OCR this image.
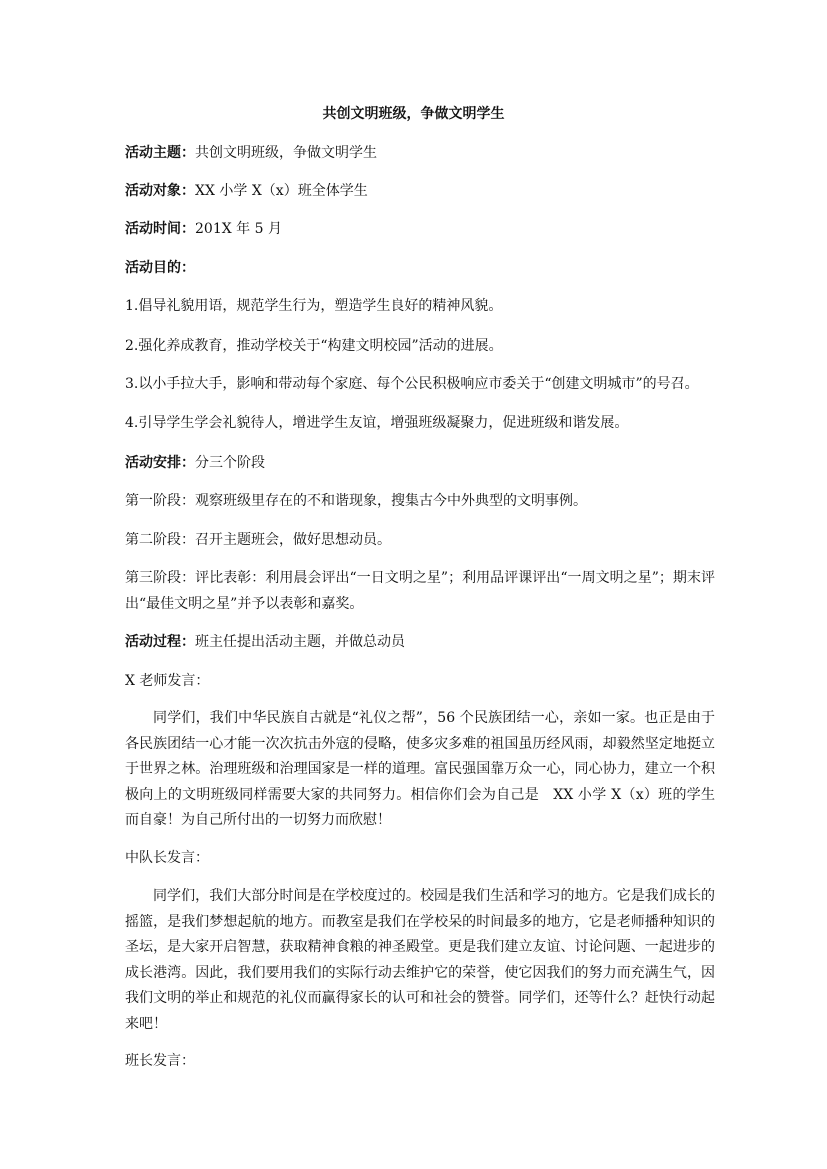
共创文明班级，争做文明学生
活动主题：共创文明班级，争做文明学生
活动对象：XX 小学 X（x）班全体学生
活动时间：201X 年 5 月
活动目的：
1.倡导礼貌用语，规范学生行为，塑造学生良好的精神风貌。
2.强化养成教育，推动学校关于“构建文明校园”活动的进展。
3.以小手拉大手，影响和带动每个家庭、每个公民积极响应市委关于“创建文明城市”的号召。
4.引导学生学会礼貌待人，增进学生友谊，增强班级凝聚力，促进班级和谐发展。
活动安排：分三个阶段
第一阶段：观察班级里存在的不和谐现象，搜集古今中外典型的文明事例。
第二阶段：召开主题班会，做好思想动员。
第三阶段：评比表彰：利用晨会评出“一日文明之星”；利用品评课评出“一周文明之星”；期末评出“最佳文明之星”并予以表彰和嘉奖。
活动过程：班主任提出活动主题，并做总动员
X 老师发言：
同学们，我们中华民族自古就是“礼仪之帮”，56 个民族团结一心，亲如一家。也正是由于各民族团结一心才能一次次抗击外寇的侵略，使多灾多难的祖国虽历经风雨，却毅然坚定地挺立于世界之林。治理班级和治理国家是一样的道理。富民强国靠万众一心，同心协力，建立一个积极向上的文明班级同样需要大家的共同努力。相信你们会为自己是　XX 小学 X（x）班的学生而自豪！为自己所付出的一切努力而欣慰！
中队长发言：
同学们，我们大部分时间是在学校度过的。校园是我们生活和学习的地方。它是我们成长的摇篮，是我们梦想起航的地方。而教室是我们在学校呆的时间最多的地方，它是老师播种知识的圣坛，是大家开启智慧，获取精神食粮的神圣殿堂。更是我们建立友谊、讨论问题、一起进步的成长港湾。因此，我们要用我们的实际行动去维护它的荣誉，使它因我们的努力而充满生气，因我们文明的举止和规范的礼仪而赢得家长的认可和社会的赞誉。同学们，还等什么？赶快行动起来吧！
班长发言：
